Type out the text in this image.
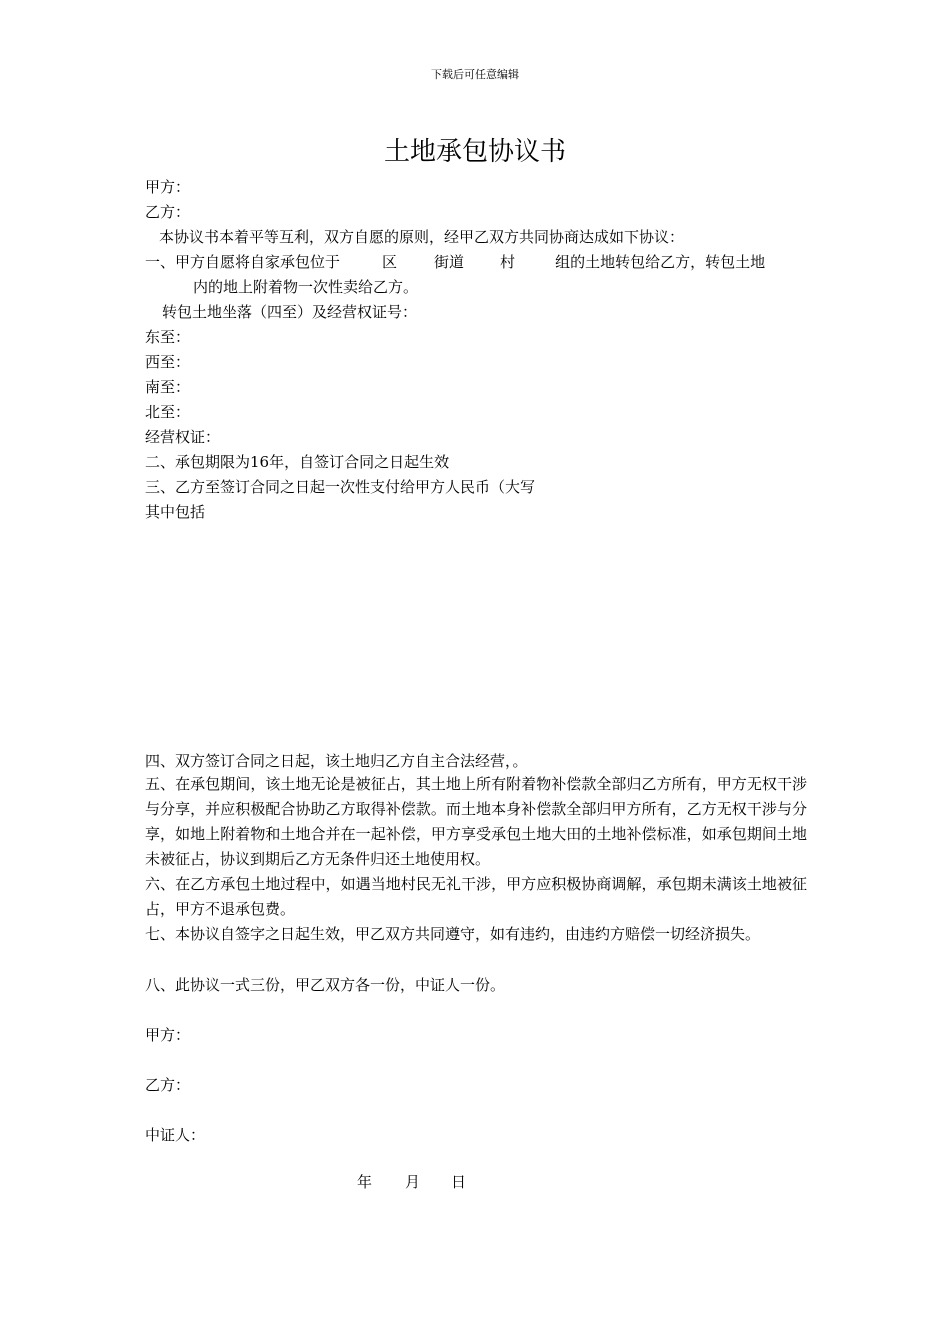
下载后可任意编辑
土地承包协议书
甲方：
乙方：
本协议书本着平等互利，双方自愿的原则，经甲乙双方共同协商达成如下协议：
一、甲方自愿将自家承包位于	区 街道 村	组的土地转包给乙方，转包土地
内的地上附着物一次性卖给乙方。
转包土地坐落（四至）及经营权证号：
东至：
西至：
南至：
北至：
经营权证：
二、承包期限为16年，自签订合同之日起生效
三、乙方至签订合同之日起一次性支付给甲方人民币（大写
其中包括
四、双方签订合同之日起，该土地归乙方自主合法经营，。
五、在承包期间，该土地无论是被征占，其土地上所有附着物补偿款全部归乙方所有，甲方无权干涉与分享，并应积极配合协助乙方取得补偿款。而土地本身补偿款全部归甲方所有，乙方无权干涉与分享，如地上附着物和土地合并在一起补偿，甲方享受承包土地大田的土地补偿标准，如承包期间土地未被征占，协议到期后乙方无条件归还土地使用权。
六、在乙方承包土地过程中，如遇当地村民无礼干涉，甲方应积极协商调解，承包期未满该土地被征占，甲方不退承包费。
七、本协议自签字之日起生效，甲乙双方共同遵守，如有违约，由违约方赔偿一切经济损失。
八、此协议一式三份，甲乙双方各一份，中证人一份。
甲方：
乙方：
中证人：
年 月 日
